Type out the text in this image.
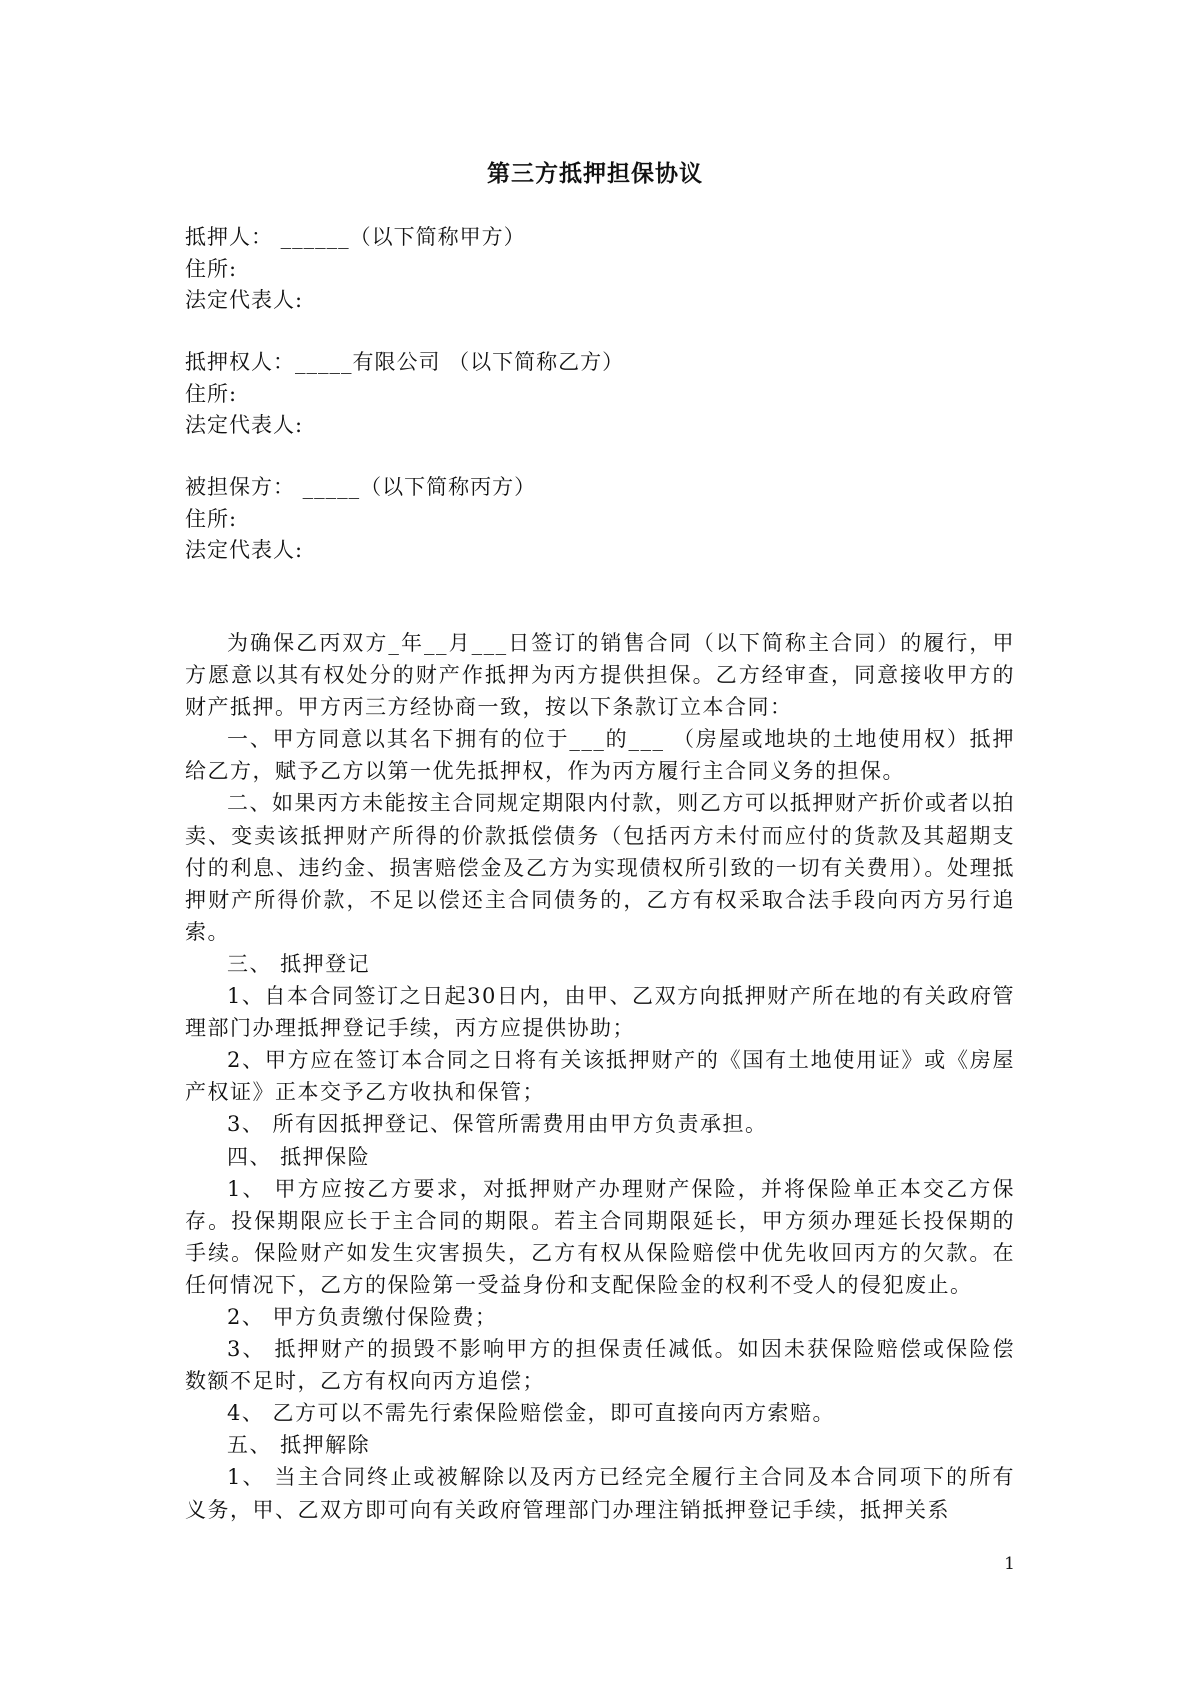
第三方抵押担保协议

抵押人： ______（以下简称甲方）

住所:

法定代表人:

抵押权人：_____有限公司 （以下简称乙方）

住所:

法定代表人:

被担保方： _____（以下简称丙方）

住所:

法定代表人:

为确保乙丙双方_年__月___日签订的销售合同（以下简称主合同）的履行，甲方愿意以其有权处分的财产作抵押为丙方提供担保。乙方经审查，同意接收甲方的财产抵押。甲方丙三方经协商一致，按以下条款订立本合同：

一、甲方同意以其名下拥有的位于___的___ （房屋或地块的土地使用权）抵押给乙方，赋予乙方以第一优先抵押权，作为丙方履行主合同义务的担保。

二、如果丙方未能按主合同规定期限内付款，则乙方可以抵押财产折价或者以拍卖、变卖该抵押财产所得的价款抵偿债务（包括丙方未付而应付的货款及其超期支付的利息、违约金、损害赔偿金及乙方为实现债权所引致的一切有关费用）。处理抵押财产所得价款，不足以偿还主合同债务的，乙方有权采取合法手段向丙方另行追索。

三、 抵押登记

1、自本合同签订之日起30日内，由甲、乙双方向抵押财产所在地的有关政府管理部门办理抵押登记手续，丙方应提供协助；

2、甲方应在签订本合同之日将有关该抵押财产的《国有土地使用证》或《房屋产权证》正本交予乙方收执和保管；

3、 所有因抵押登记、保管所需费用由甲方负责承担。

四、 抵押保险

1、 甲方应按乙方要求，对抵押财产办理财产保险，并将保险单正本交乙方保存。投保期限应长于主合同的期限。若主合同期限延长，甲方须办理延长投保期的手续。保险财产如发生灾害损失，乙方有权从保险赔偿中优先收回丙方的欠款。在任何情况下，乙方的保险第一受益身份和支配保险金的权利不受人的侵犯废止。

2、 甲方负责缴付保险费；

3、 抵押财产的损毁不影响甲方的担保责任减低。如因未获保险赔偿或保险偿数额不足时，乙方有权向丙方追偿；

4、 乙方可以不需先行索保险赔偿金，即可直接向丙方索赔。

五、 抵押解除

1、 当主合同终止或被解除以及丙方已经完全履行主合同及本合同项下的所有义务，甲、乙双方即可向有关政府管理部门办理注销抵押登记手续，抵押关系

1
